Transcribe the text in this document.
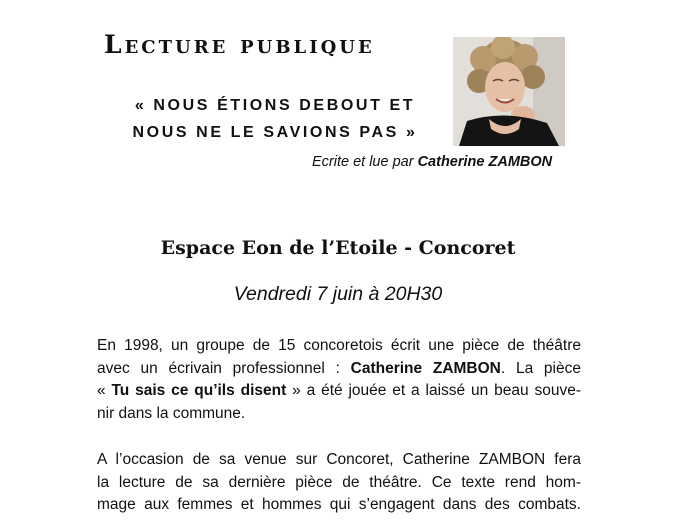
Lecture publique

« NOUS ÉTIONS DEBOUT ET
NOUS NE LE SAVIONS PAS »

Ecrite et lue par Catherine ZAMBON

Espace Eon de l’Etoile - Concoret

Vendredi 7 juin à 20H30

En 1998, un groupe de 15 concoretois écrit une pièce de théâtre
avec un écrivain professionnel : Catherine ZAMBON. La pièce
« Tu sais ce qu’ils disent » a été jouée et a laissé un beau souve-
nir dans la commune.
A l’occasion de sa venue sur Concoret, Catherine ZAMBON fera
la lecture de sa dernière pièce de théâtre. Ce texte rend hom-
mage aux femmes et hommes qui s’engagent dans des combats.
